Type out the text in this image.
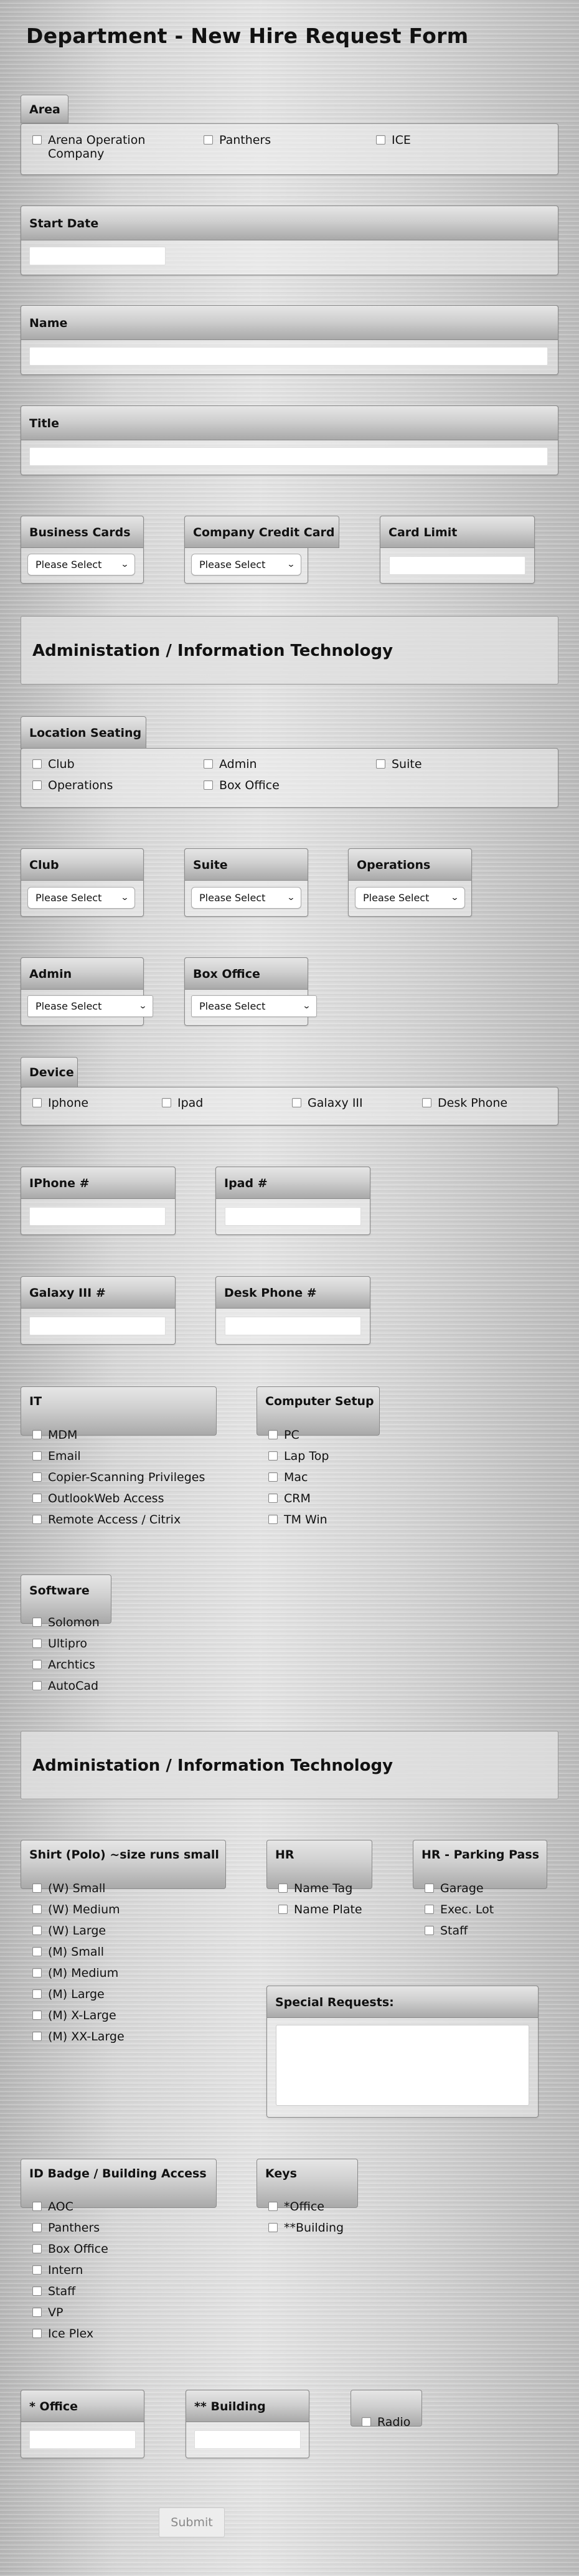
Department - New Hire Request Form
Area
Arena Operation Company
Panthers	ICE
Start Date
Name
Title
Business Cards
Please Select ⌄
Company Credit Card
Please Select	⌄
Card Limit
Administation / Information Technology
Location Seating
Club	Admin	Suite
Operations	Box Office
Club
Please Select ⌄
Suite
Please Select	⌄
Operations
Please Select	⌄
Admin
Please Select	⌄
Box Office
Please Select	⌄
Device
Iphone	Ipad	Galaxy III	Desk Phone
IPhone #	Ipad #
Galaxy III #	Desk Phone #
IT
MDM
Email
Copier-Scanning Privileges
OutlookWeb Access
Remote Access / Citrix
Computer Setup
PC
Lap Top
Mac
CRM
TM Win
Software
Solomon
Ultipro
Archtics
AutoCad
Administation / Information Technology
Shirt (Polo) ~size runs small
(W) Small
(W) Medium
(W) Large
(M) Small
(M) Medium
(M) Large
(M) X-Large
(M) XX-Large
HR
Name Tag
Name Plate
HR - Parking Pass
Garage
Exec. Lot
Staff
Special Requests:
ID Badge / Building Access
AOC
Panthers
Box Office
Intern
Staff
VP
Ice Plex
Keys
*Office
**Building
* Office	** Building
Radio
Submit
